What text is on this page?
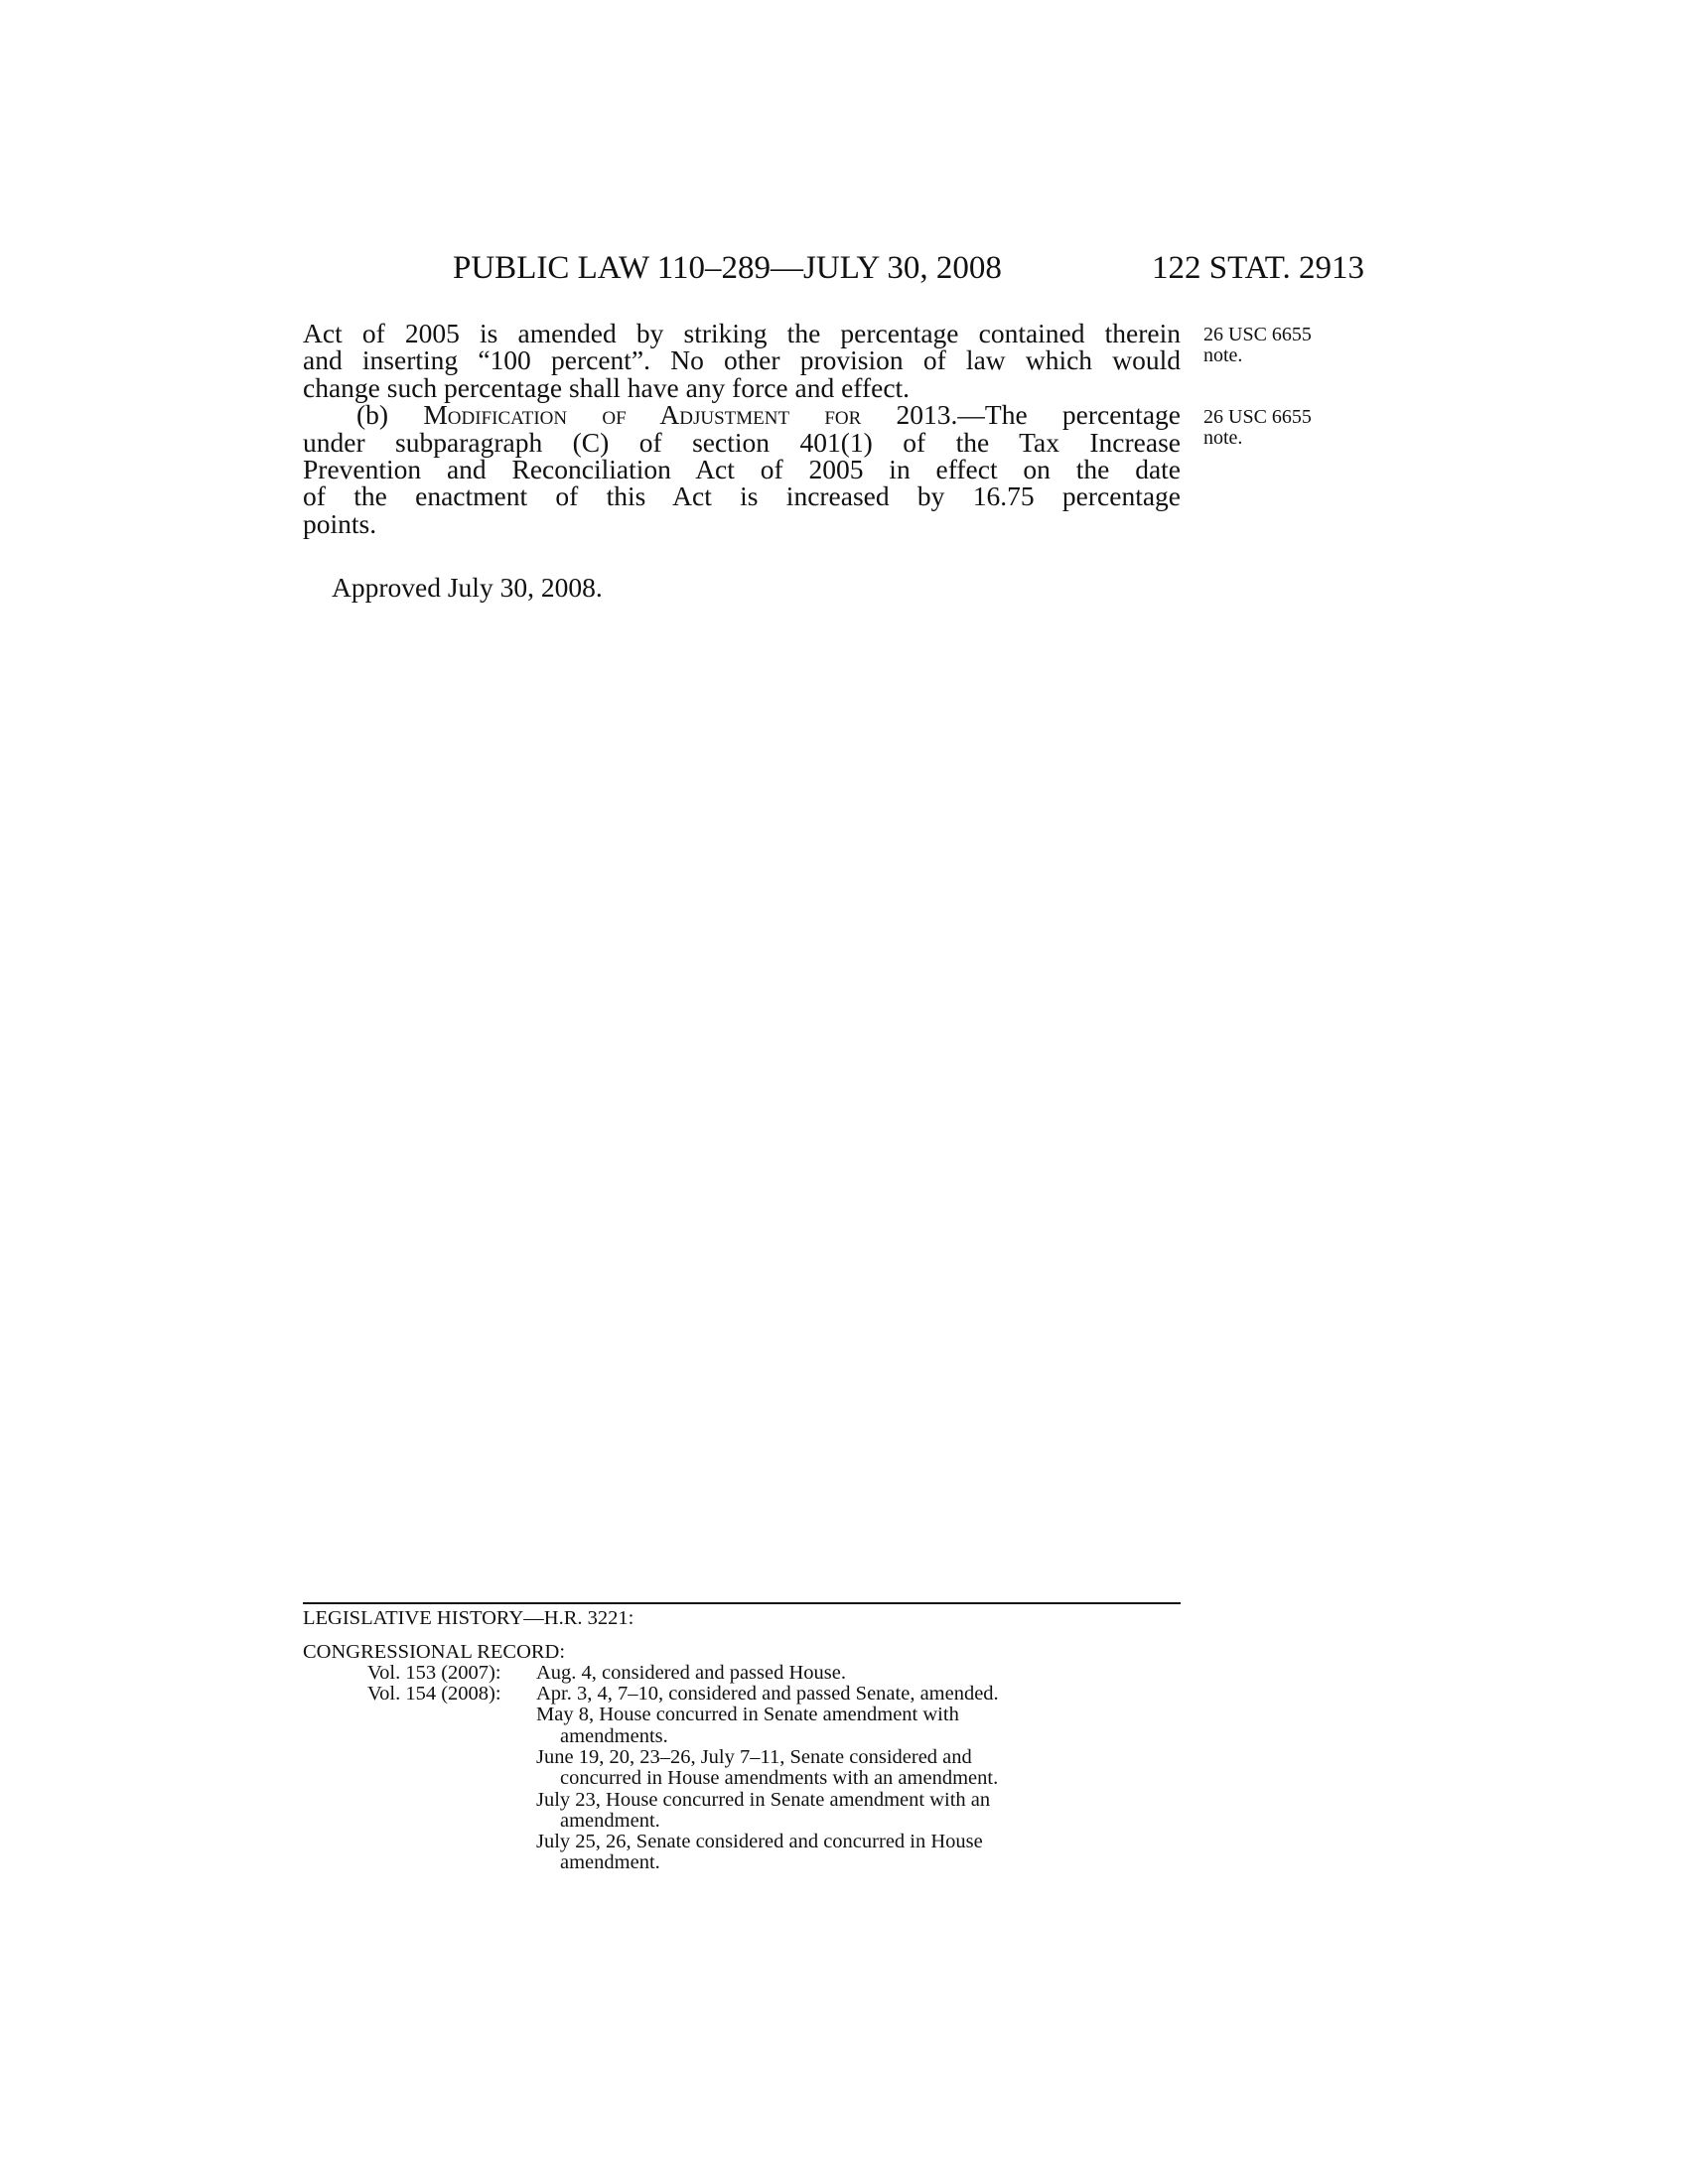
PUBLIC LAW 110–289—JULY 30, 2008	122 STAT. 2913
Act of 2005 is amended by striking the percentage contained therein
and inserting “100 percent”. No other provision of law which would
change such percentage shall have any force and effect.
(b) Modification of Adjustment for 2013.—The percentage
under subparagraph (C) of section 401(1) of the Tax Increase
Prevention and Reconciliation Act of 2005 in effect on the date
of the enactment of this Act is increased by 16.75 percentage
points.
26 USC 6655
note.
26 USC 6655
note.
Approved July 30, 2008.
LEGISLATIVE HISTORY—H.R. 3221:
CONGRESSIONAL RECORD:
Vol. 153 (2007): Aug. 4, considered and passed House.
Vol. 154 (2008): Apr. 3, 4, 7–10, considered and passed Senate, amended.
May 8, House concurred in Senate amendment with
amendments.
June 19, 20, 23–26, July 7–11, Senate considered and
concurred in House amendments with an amendment.
July 23, House concurred in Senate amendment with an
amendment.
July 25, 26, Senate considered and concurred in House
amendment.
